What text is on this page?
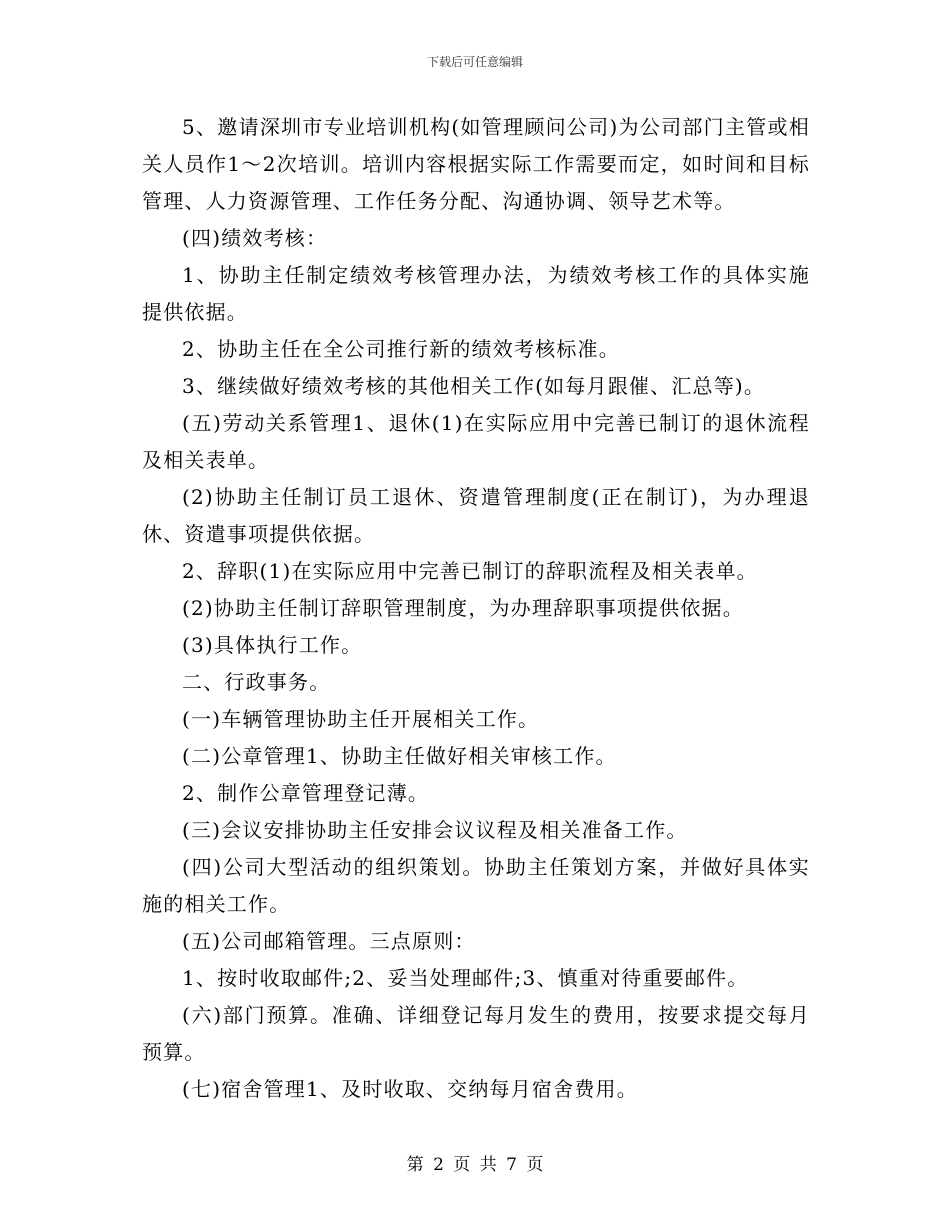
下载后可任意编辑

5、邀请深圳市专业培训机构(如管理顾问公司)为公司部门主管或相关人员作1～2次培训。培训内容根据实际工作需要而定，如时间和目标管理、人力资源管理、工作任务分配、沟通协调、领导艺术等。

(四)绩效考核：

1、协助主任制定绩效考核管理办法，为绩效考核工作的具体实施提供依据。

2、协助主任在全公司推行新的绩效考核标准。

3、继续做好绩效考核的其他相关工作(如每月跟催、汇总等)。

(五)劳动关系管理1、退休(1)在实际应用中完善已制订的退休流程及相关表单。

(2)协助主任制订员工退休、资遣管理制度(正在制订)，为办理退休、资遣事项提供依据。

2、辞职(1)在实际应用中完善已制订的辞职流程及相关表单。

(2)协助主任制订辞职管理制度，为办理辞职事项提供依据。

(3)具体执行工作。

二、行政事务。

(一)车辆管理协助主任开展相关工作。

(二)公章管理1、协助主任做好相关审核工作。

2、制作公章管理登记薄。

(三)会议安排协助主任安排会议议程及相关准备工作。

(四)公司大型活动的组织策划。协助主任策划方案，并做好具体实施的相关工作。

(五)公司邮箱管理。三点原则：

1、按时收取邮件;2、妥当处理邮件;3、慎重对待重要邮件。

(六)部门预算。准确、详细登记每月发生的费用，按要求提交每月预算。

(七)宿舍管理1、及时收取、交纳每月宿舍费用。

第 2 页 共 7 页
